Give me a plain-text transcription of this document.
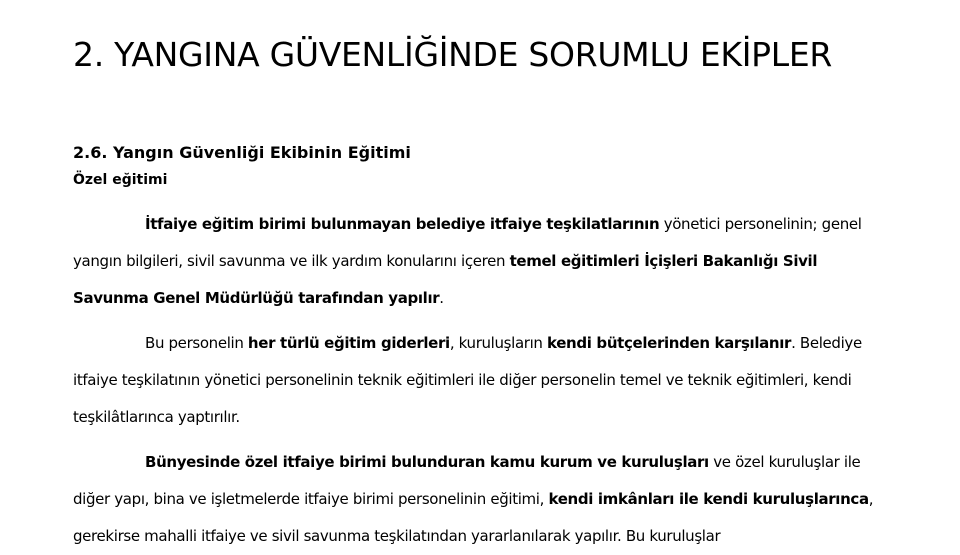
2. YANGINA GÜVENLİĞİNDE SORUMLU EKİPLER
2.6. Yangın Güvenliği Ekibinin Eğitimi

Özel eğitimi

İtfaiye eğitim birimi bulunmayan belediye itfaiye teşkilatlarının yönetici personelinin; genel yangın bilgileri, sivil savunma ve ilk yardım konularını içeren temel eğitimleri İçişleri Bakanlığı Sivil Savunma Genel Müdürlüğü tarafından yapılır.

Bu personelin her türlü eğitim giderleri, kuruluşların kendi bütçelerinden karşılanır. Belediye itfaiye teşkilatının yönetici personelinin teknik eğitimleri ile diğer personelin temel ve teknik eğitimleri, kendi teşkilâtlarınca yaptırılır.

Bünyesinde özel itfaiye birimi bulunduran kamu kurum ve kuruluşları ve özel kuruluşlar ile diğer yapı, bina ve işletmelerde itfaiye birimi personelinin eğitimi, kendi imkânları ile kendi kuruluşlarınca, gerekirse mahalli itfaiye ve sivil savunma teşkilatından yararlanılarak yapılır. Bu kuruluşlar
